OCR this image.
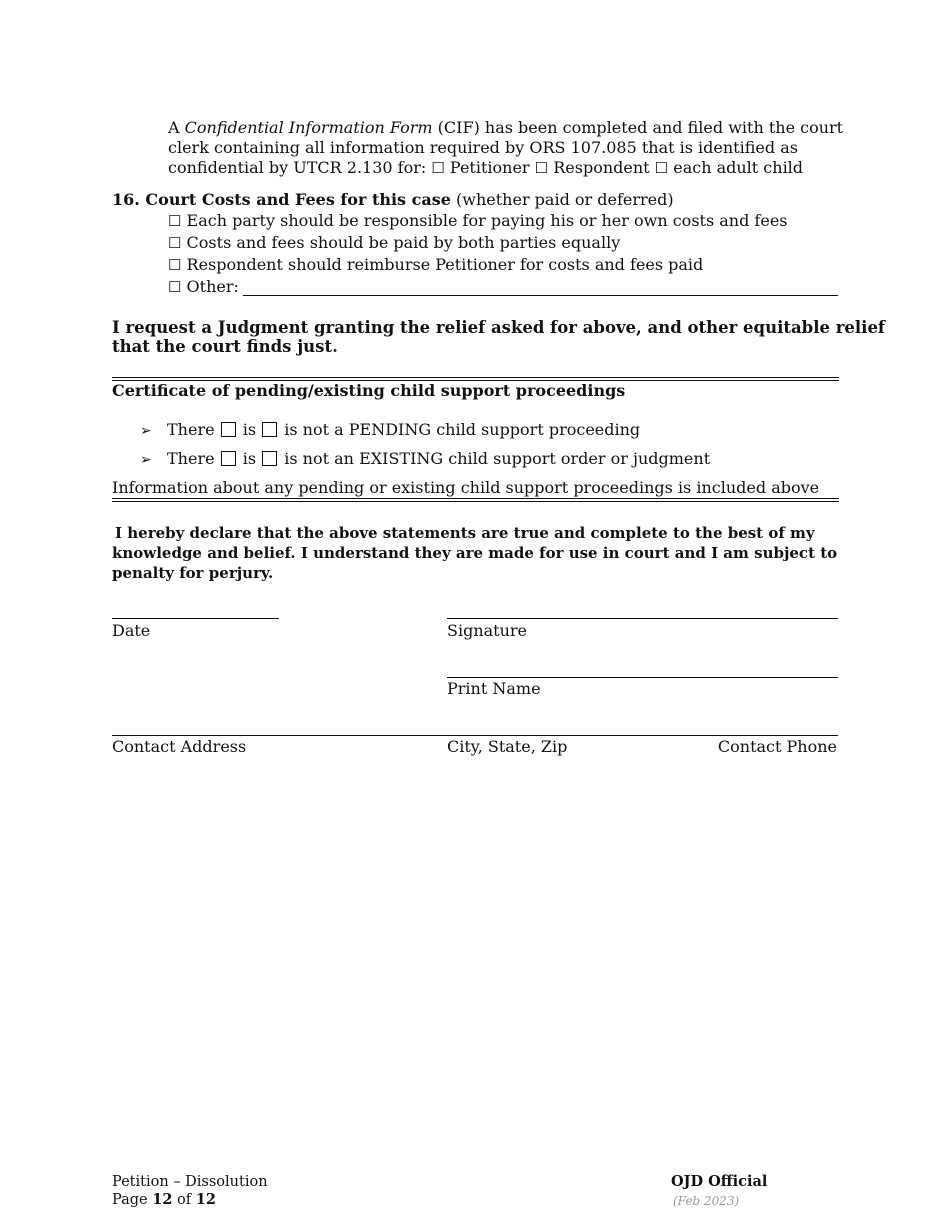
A Confidential Information Form (CIF) has been completed and filed with the court
clerk containing all information required by ORS 107.085 that is identified as
confidential by UTCR 2.130 for: ☐ Petitioner ☐ Respondent ☐ each adult child
16. Court Costs and Fees for this case (whether paid or deferred)
☐ Each party should be responsible for paying his or her own costs and fees
☐ Costs and fees should be paid by both parties equally
☐ Respondent should reimburse Petitioner for costs and fees paid
☐ Other:
I request a Judgment granting the relief asked for above, and other equitable relief
that the court finds just.
Certificate of pending/existing child support proceedings
➢ There is is not a PENDING child support proceeding
➢ There is is not an EXISTING child support order or judgment
Information about any pending or existing child support proceedings is included above
I hereby declare that the above statements are true and complete to the best of my
knowledge and belief. I understand they are made for use in court and I am subject to
penalty for perjury.
Date	Signature
Print Name
Contact Address	City, State, Zip	Contact Phone
Petition – Dissolution
Page 12 of 12
OJD Official
(Feb 2023)
